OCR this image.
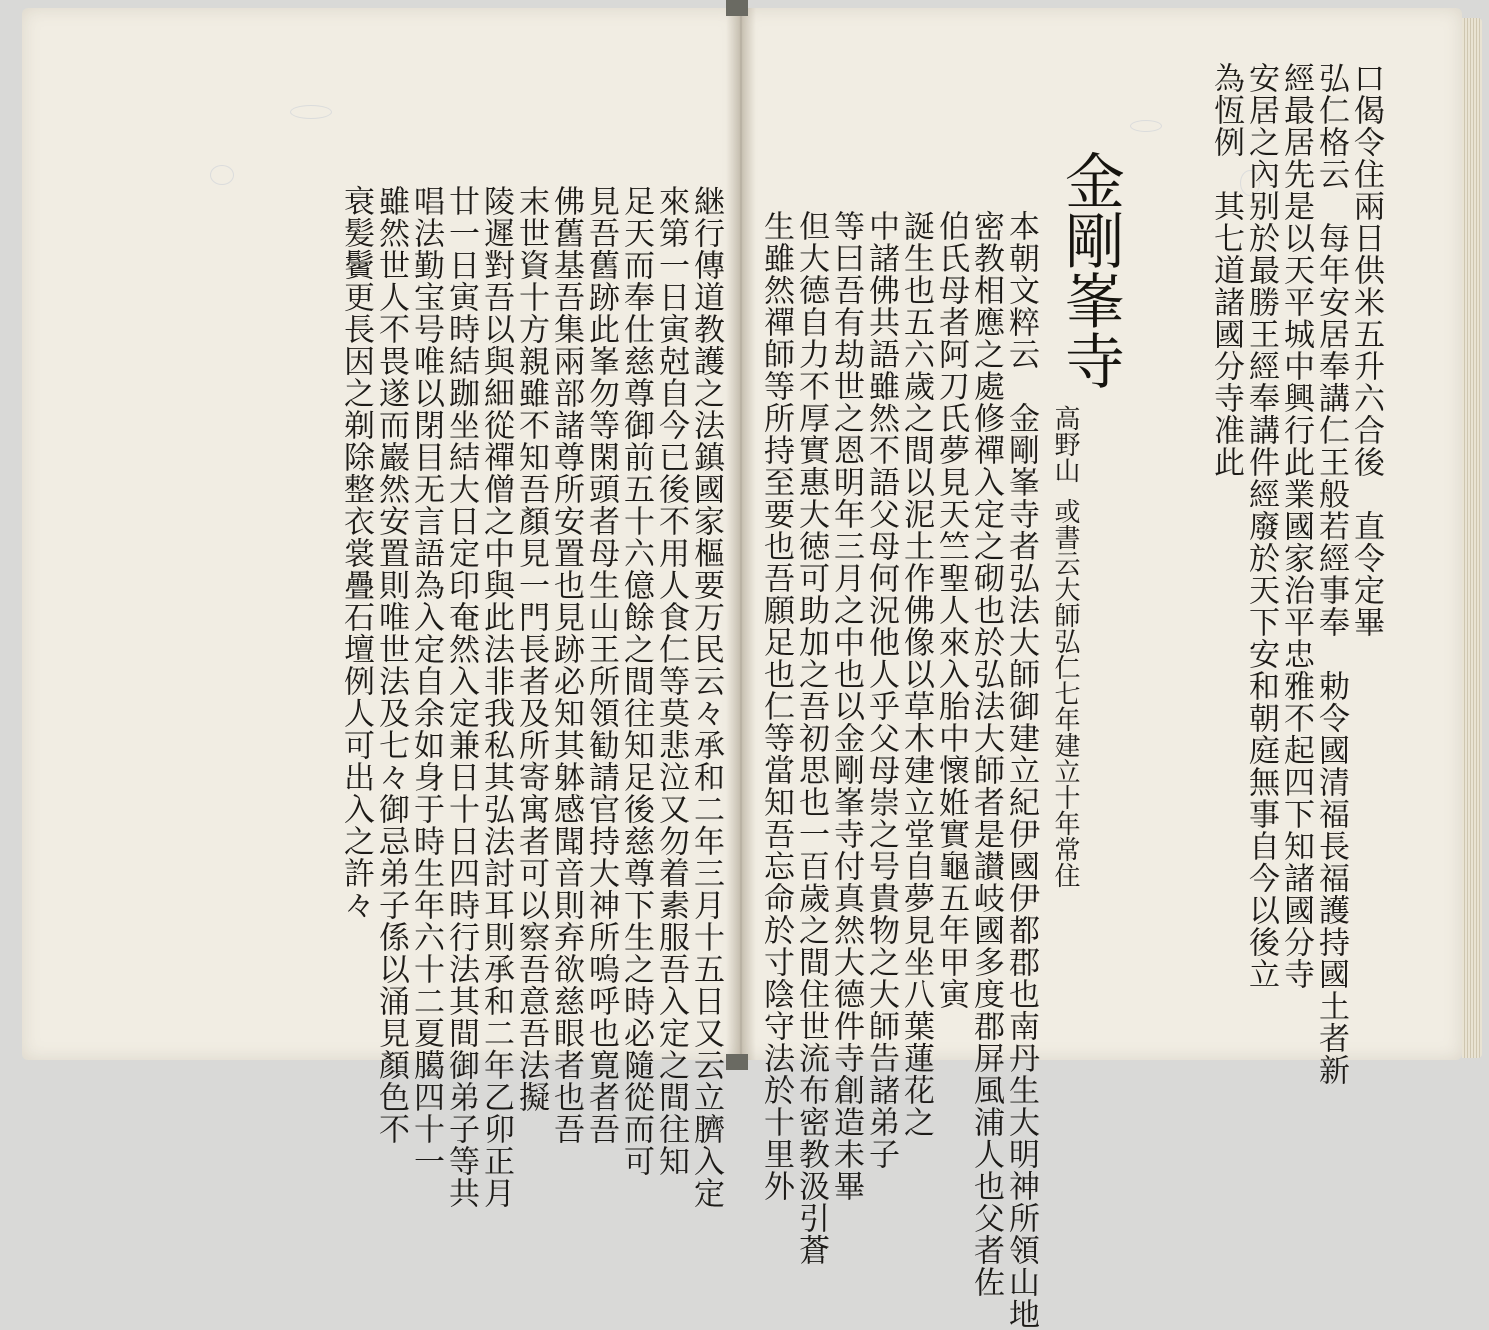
口偈令住兩日供米五升六合後　直令定畢
弘仁格云　每年安居奉講仁王般若經事奉　勅令國清福長福護持國土者新
經最居先是以天平城中興行此業國家治平忠雅不起四下知諸國分寺
安居之內别於最勝王經奉講件經廢於天下安和朝庭無事自今以後立
為恆例　其七道諸國分寺准此
本朝文粹云　金剛峯寺者弘法大師御建立紀伊國伊都郡也南丹生大明神所領山地
密教相應之處修禪入定之砌也於弘法大師者是讃岐國多度郡屏風浦人也父者佐
伯氏母者阿刀氏夢見天竺聖人來入胎中懷姙實龜五年甲寅
誕生也五六歲之間以泥土作佛像以草木建立堂自夢見坐八葉蓮花之
中諸佛共語雖然不語父母何況他人乎父母崇之号貴物之大師告諸弟子
等曰吾有劫世之恩明年三月之中也以金剛峯寺付真然大德件寺創造未畢
但大德自力不厚實惠大徳可助加之吾初思也一百歲之間住世流布密教汲引蒼
生雖然禪師等所持至要也吾願足也仁等當知吾忘命於寸陰守法於十里外	金剛峯寺
高野山
或書云大師弘仁七年建立十年常住
継行傳道教護之法鎮國家樞要万民云々承和二年三月十五日又云立臍入定
來第一日寅尅自今已後不用人食仁等莫悲泣又勿着素服吾入定之間往知
足天而奉仕慈尊御前五十六億餘之間往知足後慈尊下生之時必隨從而可
見吾舊跡此峯勿等閑頭者母生山王所領勧請官持大神所嗚呼也寛者吾
佛舊基吾集兩部諸尊所安置也見跡必知其躰感聞音則弃欲慈眼者也吾
末世資十方親雖不知吾顏見一門長者及所寄寓者可以察吾意吾法擬
陵遲對吾以與細從禪僧之中與此法非我私其弘法討耳則承和二年乙卯正月
廿一日寅時結跏坐結大日定印奄然入定兼日十日四時行法其間御弟子等共
唱法勤宝号唯以閉目无言語為入定自余如身于時生年六十二夏臈四十一
雖然世人不畏遂而巖然安置則唯世法及七々御忌弟子係以涌見顏色不
衰髪鬢更長因之剃除整衣裳疊石壇例人可出入之許々
